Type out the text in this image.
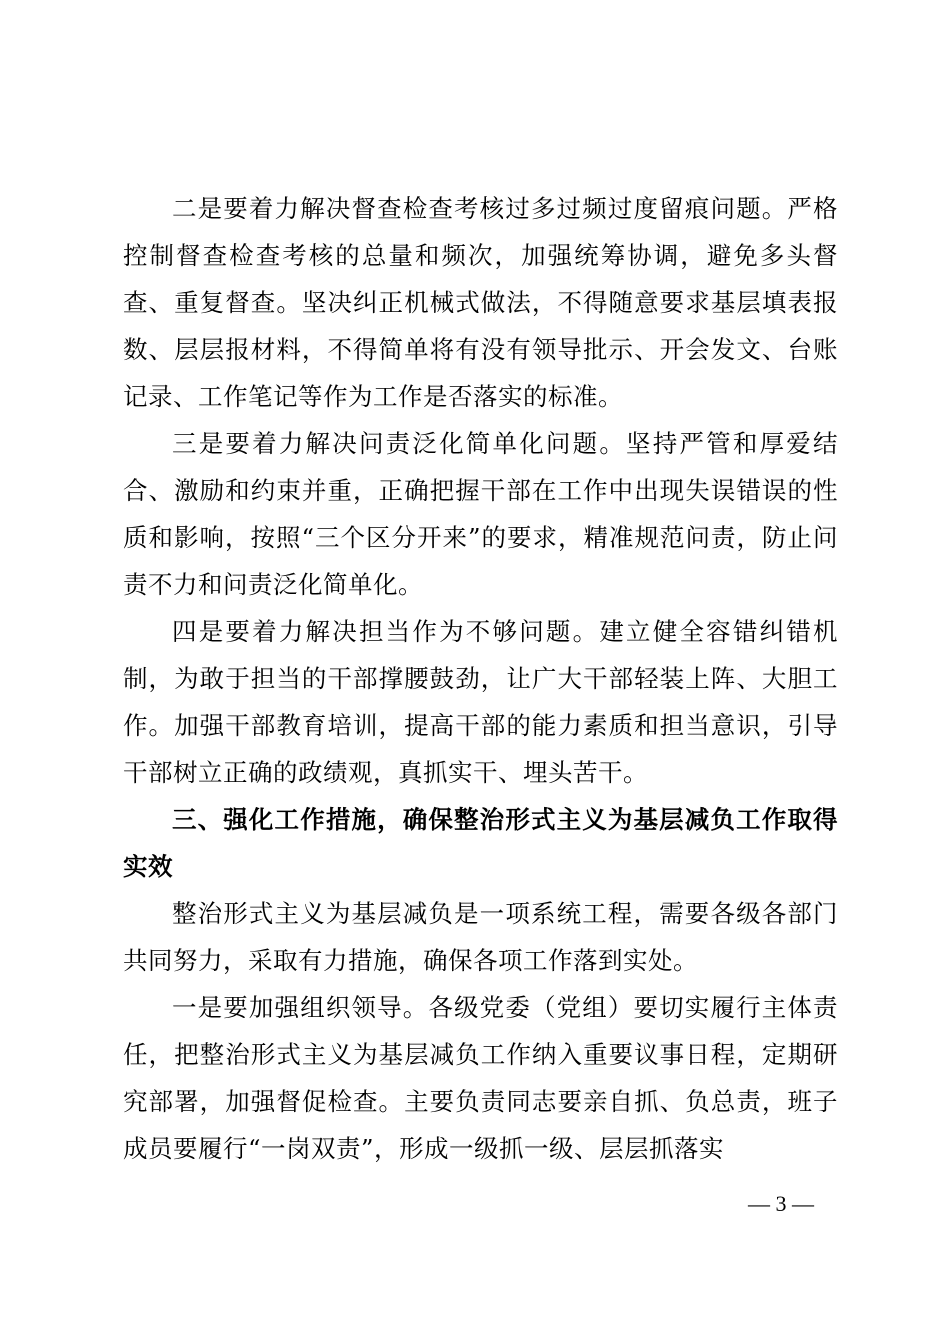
二是要着力解决督查检查考核过多过频过度留痕问题。严格控制督查检查考核的总量和频次，加强统筹协调，避免多头督查、重复督查。坚决纠正机械式做法，不得随意要求基层填表报数、层层报材料，不得简单将有没有领导批示、开会发文、台账记录、工作笔记等作为工作是否落实的标准。

三是要着力解决问责泛化简单化问题。坚持严管和厚爱结合、激励和约束并重，正确把握干部在工作中出现失误错误的性质和影响，按照“三个区分开来”的要求，精准规范问责，防止问责不力和问责泛化简单化。

四是要着力解决担当作为不够问题。建立健全容错纠错机制，为敢于担当的干部撑腰鼓劲，让广大干部轻装上阵、大胆工作。加强干部教育培训，提高干部的能力素质和担当意识，引导干部树立正确的政绩观，真抓实干、埋头苦干。

三、强化工作措施，确保整治形式主义为基层减负工作取得实效

整治形式主义为基层减负是一项系统工程，需要各级各部门共同努力，采取有力措施，确保各项工作落到实处。

一是要加强组织领导。各级党委（党组）要切实履行主体责任，把整治形式主义为基层减负工作纳入重要议事日程，定期研究部署，加强督促检查。主要负责同志要亲自抓、负总责，班子成员要履行“一岗双责”，形成一级抓一级、层层抓落实

— 3 —
